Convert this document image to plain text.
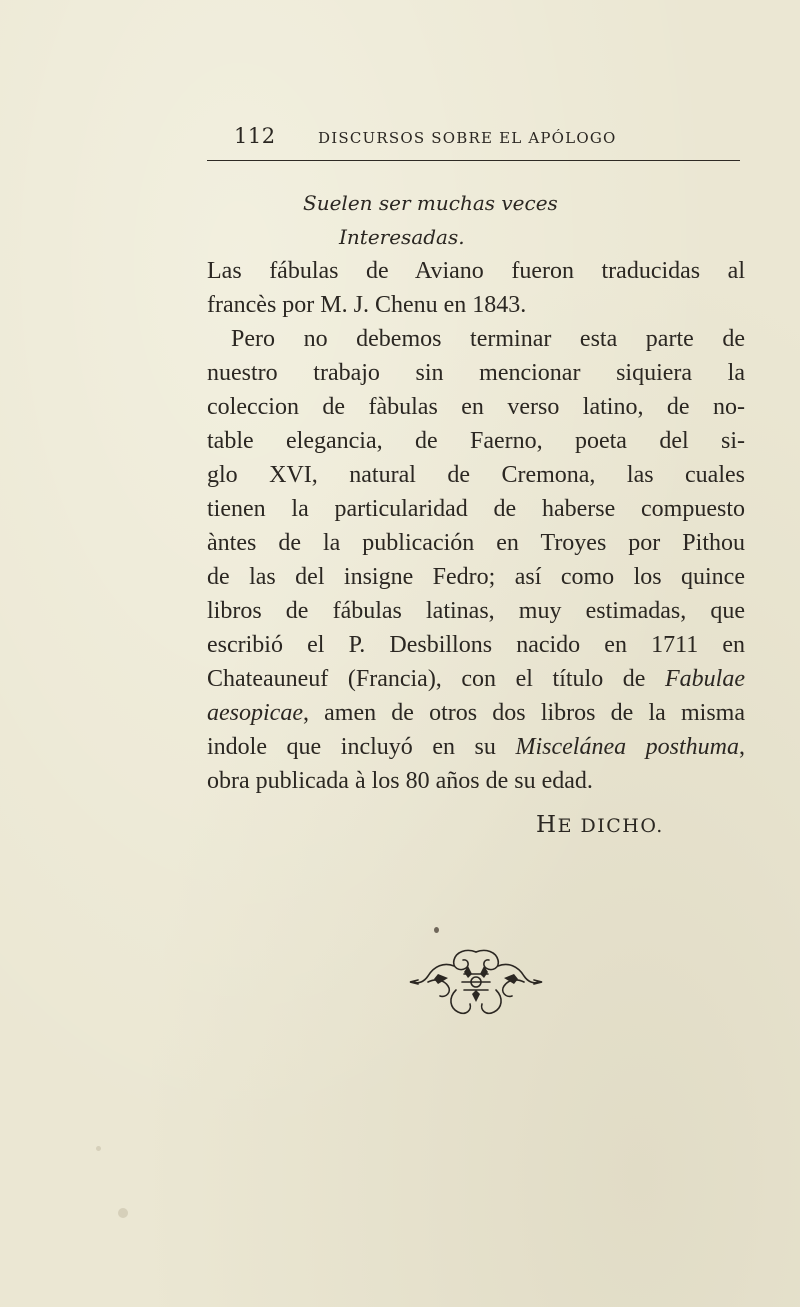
112	DISCURSOS SOBRE EL APÓLOGO
Suelen ser muchas veces
Interesadas.
Las fábulas de Aviano fueron traducidas al
francès por M. J. Chenu en 1843.
Pero no debemos terminar esta parte de
nuestro trabajo sin mencionar siquiera la
coleccion de fàbulas en verso latino, de no-
table elegancia, de Faerno, poeta del si-
glo XVI, natural de Cremona, las cuales
tienen la particularidad de haberse compuesto
àntes de la publicación en Troyes por Pithou
de las del insigne Fedro; así como los quince
libros de fábulas latinas, muy estimadas, que
escribió el P. Desbillons nacido en 1711 en
Chateauneuf (Francia), con el título de Fabulae
aesopicae, amen de otros dos libros de la misma
indole que incluyó en su Miscelánea posthuma,
obra publicada à los 80 años de su edad.
HE DICHO.
